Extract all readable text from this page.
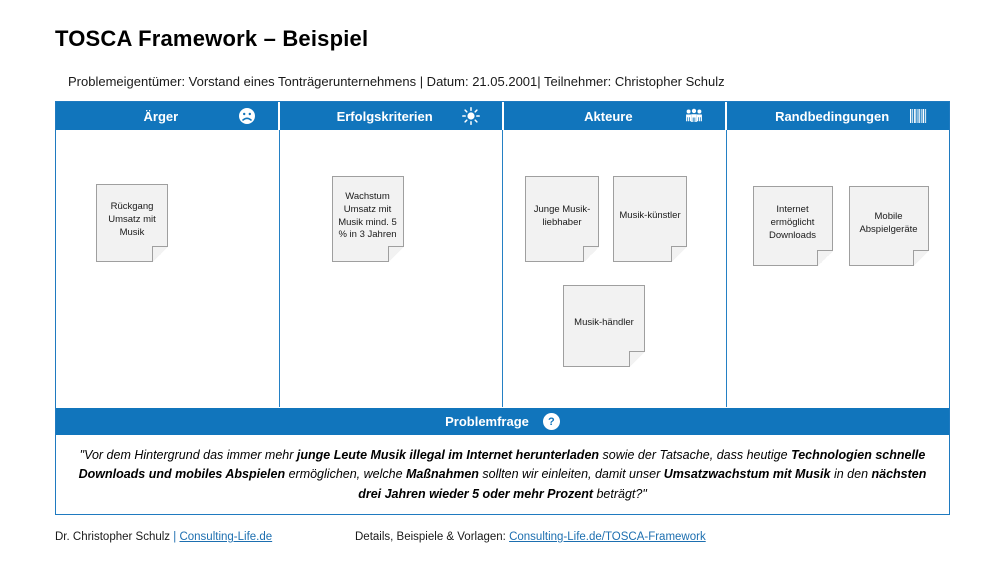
TOSCA Framework – Beispiel
Problemeigentümer: Vorstand eines Tonträgerunternehmens | Datum: 21.05.2001| Teilnehmer: Christopher Schulz
Ärger	Erfolgskriterien	Akteure	Randbedingungen
Rückgang Umsatz mit Musik
Wachstum Umsatz mit Musik mind. 5 % in 3 Jahren
Junge Musik-liebhaber
Musik-künstler
Musik-händler
Internet ermöglicht Downloads
Mobile Abspielgeräte
Problemfrage	?
"Vor dem Hintergrund das immer mehr junge Leute Musik illegal im Internet herunterladen sowie der Tatsache, dass heutige Technologien schnelle Downloads und mobiles Abspielen ermöglichen, welche Maßnahmen sollten wir einleiten, damit unser Umsatzwachstum mit Musik in den nächsten drei Jahren wieder 5 oder mehr Prozent beträgt?"
Dr. Christopher Schulz | Consulting-Life.de	Details, Beispiele & Vorlagen: Consulting-Life.de/TOSCA-Framework
